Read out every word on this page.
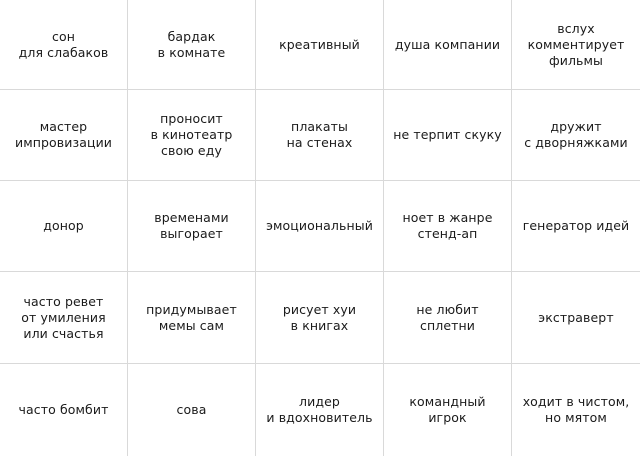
сон
для слабаков
бардак
в комнате
креативный	душа компании
вслух
комментирует
фильмы
мастер
импровизации
проносит
в кинотеатр
свою еду
плакаты
на стенах
не терпит скуку
дружит
с дворняжками
донор
временами
выгорает
эмоциональный
ноет в жанре
стенд-ап
генератор идей
часто ревет
от умиления
или счастья
придумывает
мемы сам
рисует хуи
в книгах
не любит
сплетни
экстраверт
часто бомбит	сова
лидер
и вдохновитель
командный игрок
ходит в чистом,
но мятом
